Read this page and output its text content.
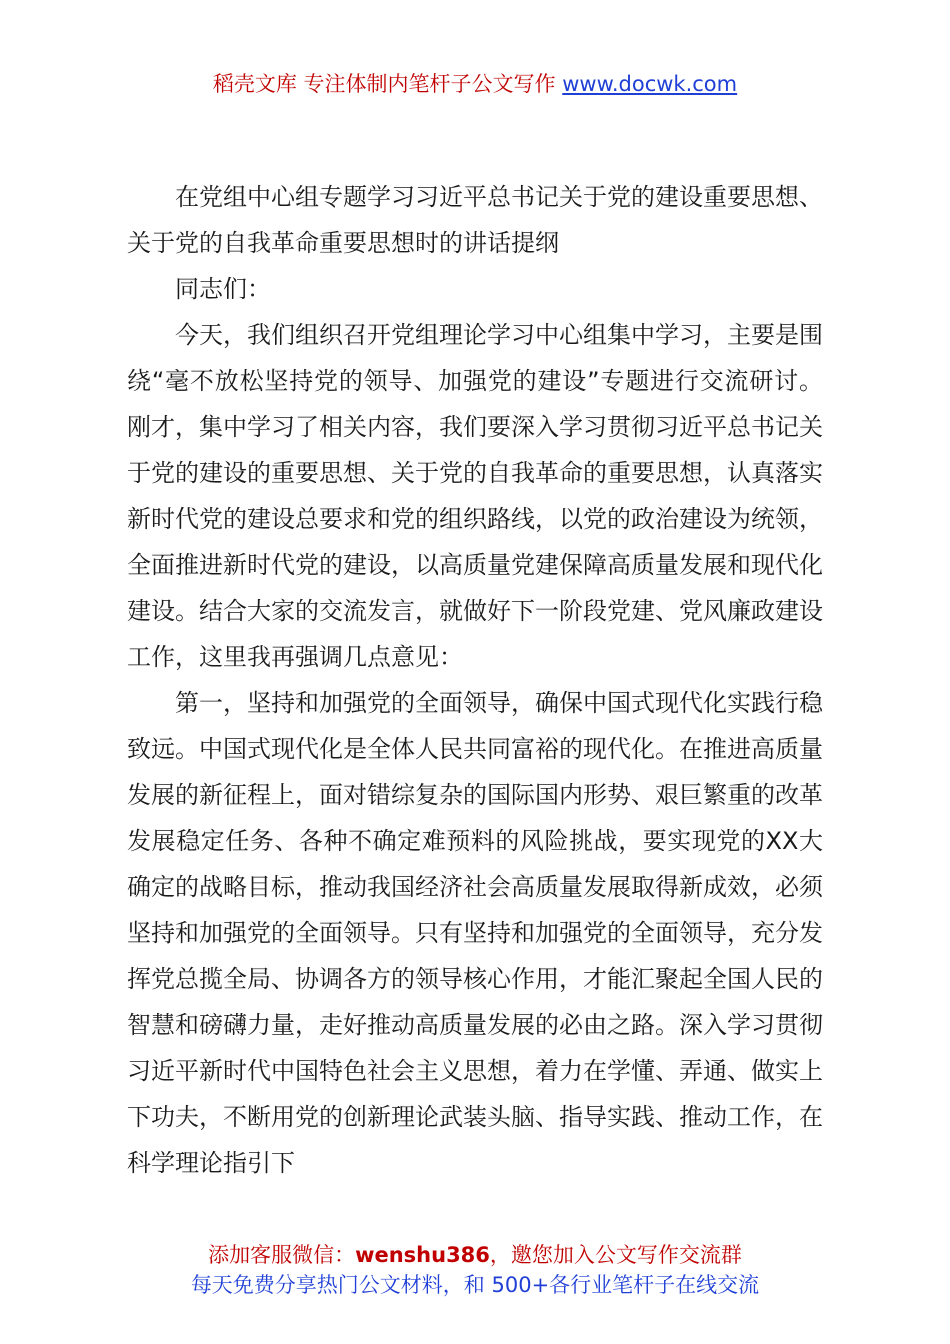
稻壳文库 专注体制内笔杆子公文写作 www.docwk.com

在党组中心组专题学习习近平总书记关于党的建设重要思想、关于党的自我革命重要思想时的讲话提纲

同志们：

今天，我们组织召开党组理论学习中心组集中学习，主要是围绕“毫不放松坚持党的领导、加强党的建设”专题进行交流研讨。刚才，集中学习了相关内容，我们要深入学习贯彻习近平总书记关于党的建设的重要思想、关于党的自我革命的重要思想，认真落实新时代党的建设总要求和党的组织路线，以党的政治建设为统领，全面推进新时代党的建设，以高质量党建保障高质量发展和现代化建设。结合大家的交流发言，就做好下一阶段党建、党风廉政建设工作，这里我再强调几点意见：

第一，坚持和加强党的全面领导，确保中国式现代化实践行稳致远。中国式现代化是全体人民共同富裕的现代化。在推进高质量发展的新征程上，面对错综复杂的国际国内形势、艰巨繁重的改革发展稳定任务、各种不确定难预料的风险挑战，要实现党的XX大确定的战略目标，推动我国经济社会高质量发展取得新成效，必须坚持和加强党的全面领导。只有坚持和加强党的全面领导，充分发挥党总揽全局、协调各方的领导核心作用，才能汇聚起全国人民的智慧和磅礴力量，走好推动高质量发展的必由之路。深入学习贯彻习近平新时代中国特色社会主义思想，着力在学懂、弄通、做实上下功夫，不断用党的创新理论武装头脑、指导实践、推动工作，在科学理论指引下

添加客服微信：wenshu386，邀您加入公文写作交流群
每天免费分享热门公文材料，和 500+各行业笔杆子在线交流
